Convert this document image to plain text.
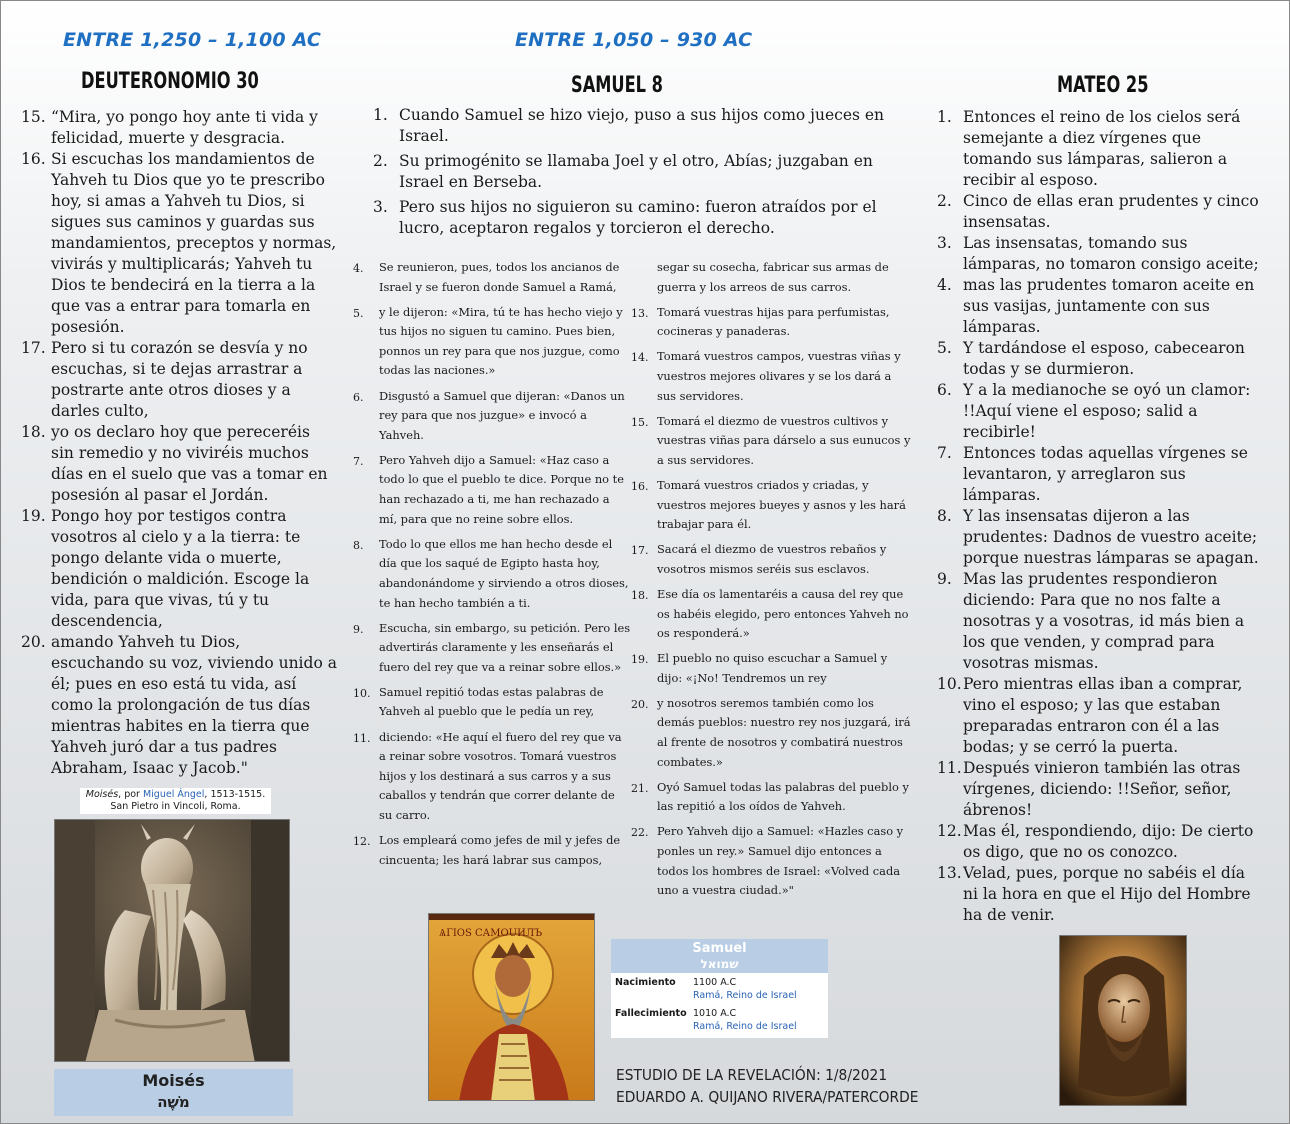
ENTRE 1,250 – 1,100 AC	ENTRE 1,050 – 930 AC
DEUTERONOMIO 30	SAMUEL 8	MATEO 25
15. “Mira, yo pongo hoy ante ti vida y felicidad, muerte y desgracia.
16. Si escuchas los mandamientos de Yahveh tu Dios que yo te prescribo hoy, si amas a Yahveh tu Dios, si sigues sus caminos y guardas sus mandamientos, preceptos y normas, vivirás y multiplicarás; Yahveh tu Dios te bendecirá en la tierra a la que vas a entrar para tomarla en posesión.
17. Pero si tu corazón se desvía y no escuchas, si te dejas arrastrar a postrarte ante otros dioses y a darles culto,
18. yo os declaro hoy que pereceréis sin remedio y no viviréis muchos días en el suelo que vas a tomar en posesión al pasar el Jordán.
19. Pongo hoy por testigos contra vosotros al cielo y a la tierra: te pongo delante vida o muerte, bendición o maldición. Escoge la vida, para que vivas, tú y tu descendencia,
20. amando Yahveh tu Dios, escuchando su voz, viviendo unido a él; pues en eso está tu vida, así como la prolongación de tus días mientras habites en la tierra que Yahveh juró dar a tus padres Abraham, Isaac y Jacob."
1. Cuando Samuel se hizo viejo, puso a sus hijos como jueces en Israel.
2. Su primogénito se llamaba Joel y el otro, Abías; juzgaban en Israel en Berseba.
3. Pero sus hijos no siguieron su camino: fueron atraídos por el lucro, aceptaron regalos y torcieron el derecho.
4. Se reunieron, pues, todos los ancianos de Israel y se fueron donde Samuel a Ramá,
5. y le dijeron: «Mira, tú te has hecho viejo y tus hijos no siguen tu camino. Pues bien, ponnos un rey para que nos juzgue, como todas las naciones.»
6. Disgustó a Samuel que dijeran: «Danos un rey para que nos juzgue» e invocó a Yahveh.
7. Pero Yahveh dijo a Samuel: «Haz caso a todo lo que el pueblo te dice. Porque no te han rechazado a ti, me han rechazado a mí, para que no reine sobre ellos.
8. Todo lo que ellos me han hecho desde el día que los saqué de Egipto hasta hoy, abandonándome y sirviendo a otros dioses, te han hecho también a ti.
9. Escucha, sin embargo, su petición. Pero les advertirás claramente y les enseñarás el fuero del rey que va a reinar sobre ellos.»
10. Samuel repitió todas estas palabras de Yahveh al pueblo que le pedía un rey,
11. diciendo: «He aquí el fuero del rey que va a reinar sobre vosotros. Tomará vuestros hijos y los destinará a sus carros y a sus caballos y tendrán que correr delante de su carro.
12. Los empleará como jefes de mil y jefes de cincuenta; les hará labrar sus campos,
segar su cosecha, fabricar sus armas de guerra y los arreos de sus carros.
13. Tomará vuestras hijas para perfumistas, cocineras y panaderas.
14. Tomará vuestros campos, vuestras viñas y vuestros mejores olivares y se los dará a sus servidores.
15. Tomará el diezmo de vuestros cultivos y vuestras viñas para dárselo a sus eunucos y a sus servidores.
16. Tomará vuestros criados y criadas, y vuestros mejores bueyes y asnos y les hará trabajar para él.
17. Sacará el diezmo de vuestros rebaños y vosotros mismos seréis sus esclavos.
18. Ese día os lamentaréis a causa del rey que os habéis elegido, pero entonces Yahveh no os responderá.»
19. El pueblo no quiso escuchar a Samuel y dijo: «¡No! Tendremos un rey
20. y nosotros seremos también como los demás pueblos: nuestro rey nos juzgará, irá al frente de nosotros y combatirá nuestros combates.»
21. Oyó Samuel todas las palabras del pueblo y las repitió a los oídos de Yahveh.
22. Pero Yahveh dijo a Samuel: «Hazles caso y ponles un rey.» Samuel dijo entonces a todos los hombres de Israel: «Volved cada uno a vuestra ciudad.»"
1. Entonces el reino de los cielos será semejante a diez vírgenes que tomando sus lámparas, salieron a recibir al esposo.
2. Cinco de ellas eran prudentes y cinco insensatas.
3. Las insensatas, tomando sus lámparas, no tomaron consigo aceite;
4. mas las prudentes tomaron aceite en sus vasijas, juntamente con sus lámparas.
5. Y tardándose el esposo, cabecearon todas y se durmieron.
6. Y a la medianoche se oyó un clamor: !!Aquí viene el esposo; salid a recibirle!
7. Entonces todas aquellas vírgenes se levantaron, y arreglaron sus lámparas.
8. Y las insensatas dijeron a las prudentes: Dadnos de vuestro aceite; porque nuestras lámparas se apagan.
9. Mas las prudentes respondieron diciendo: Para que no nos falte a nosotras y a vosotras, id más bien a los que venden, y comprad para vosotras mismas.
10. Pero mientras ellas iban a comprar, vino el esposo; y las que estaban preparadas entraron con él a las bodas; y se cerró la puerta.
11. Después vinieron también las otras vírgenes, diciendo: !!Señor, señor, ábrenos!
12. Mas él, respondiendo, dijo: De cierto os digo, que no os conozco.
13. Velad, pues, porque no sabéis el día ni la hora en que el Hijo del Hombre ha de venir.
Moisés, por Miguel Ángel, 1513-1515.
San Pietro in Vincoli, Roma.
Moisés
מֹשֶׁה
ѦГIOS САМОUИЛЪ
Samuel
שמואל
Nacimiento	1100 A.C
Ramá, Reino de Israel
Fallecimiento 1010 A.C
Ramá, Reino de Israel
ESTUDIO DE LA REVELACIÓN: 1/8/2021
EDUARDO A. QUIJANO RIVERA/PATERCORDE
